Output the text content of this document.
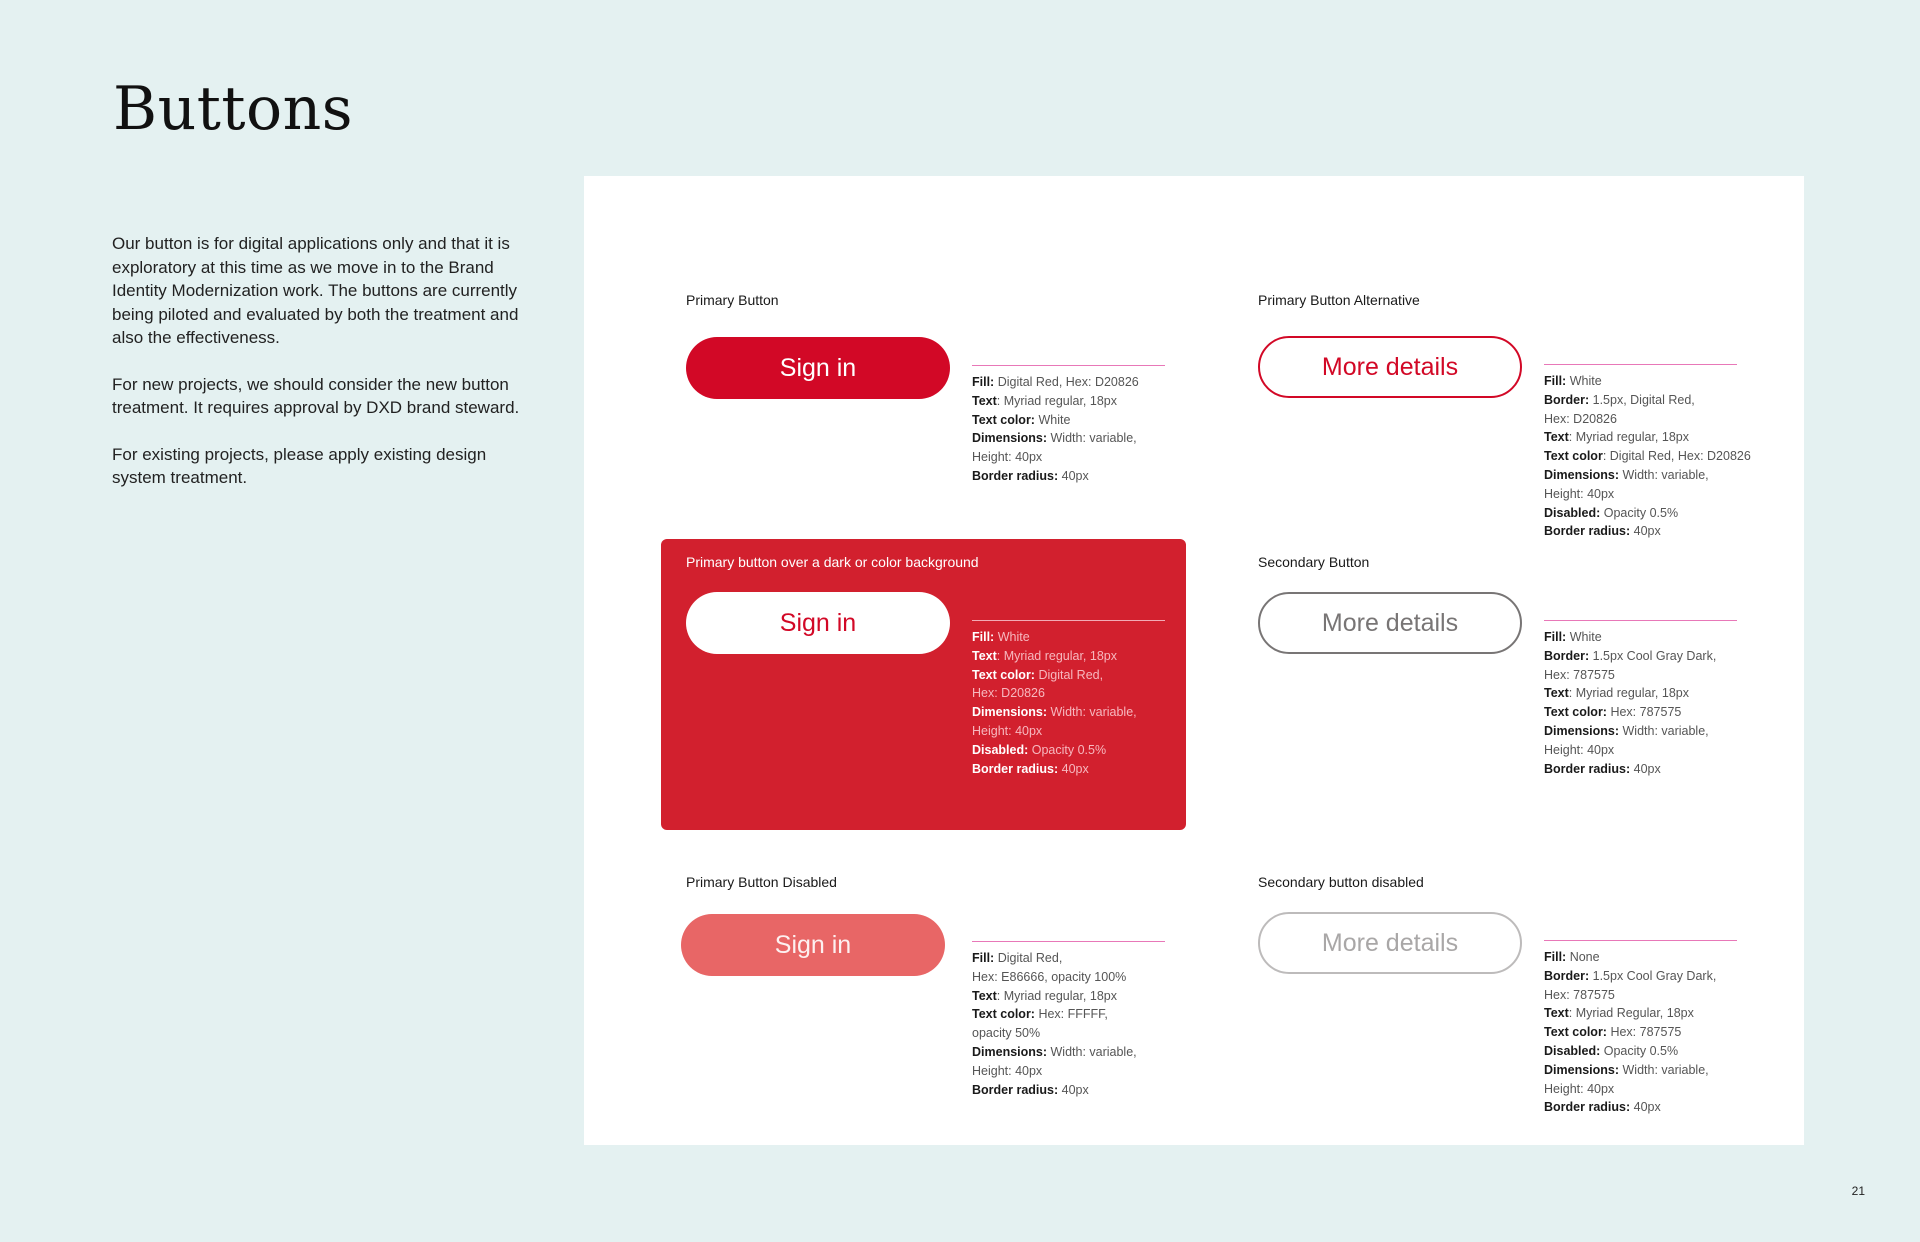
Buttons

Our button is for digital applications only and that it is exploratory at this time as we move in to the Brand Identity Modernization work. The buttons are currently being piloted and evaluated by both the treatment and also the effectiveness.

For new projects, we should consider the new button treatment. It requires approval by DXD brand steward.

For existing projects, please apply existing design system treatment.

Primary Button
Sign in
Fill: Digital Red, Hex: D20826
Text: Myriad regular, 18px
Text color: White
Dimensions: Width: variable,
Height: 40px
Border radius: 40px
Primary Button Alternative
More details
Fill: White
Border: 1.5px, Digital Red,
Hex: D20826
Text: Myriad regular, 18px
Text color: Digital Red, Hex: D20826
Dimensions: Width: variable,
Height: 40px
Disabled: Opacity 0.5%
Border radius: 40px
Primary button over a dark or color background
Sign in
Fill: White
Text: Myriad regular, 18px
Text color: Digital Red,
Hex: D20826
Dimensions: Width: variable,
Height: 40px
Disabled: Opacity 0.5%
Border radius: 40px
Secondary Button
More details
Fill: White
Border: 1.5px Cool Gray Dark,
Hex: 787575
Text: Myriad regular, 18px
Text color: Hex: 787575
Dimensions: Width: variable,
Height: 40px
Border radius: 40px
Primary Button Disabled
Sign in	Fill: Digital Red,
Hex: E86666, opacity 100%
Text: Myriad regular, 18px
Text color: Hex: FFFFF,
opacity 50%
Dimensions: Width: variable,
Height: 40px
Border radius: 40px
Secondary button disabled
More details
Fill: None
Border: 1.5px Cool Gray Dark,
Hex: 787575
Text: Myriad Regular, 18px
Text color: Hex: 787575
Disabled: Opacity 0.5%
Dimensions: Width: variable,
Height: 40px
Border radius: 40px
21
